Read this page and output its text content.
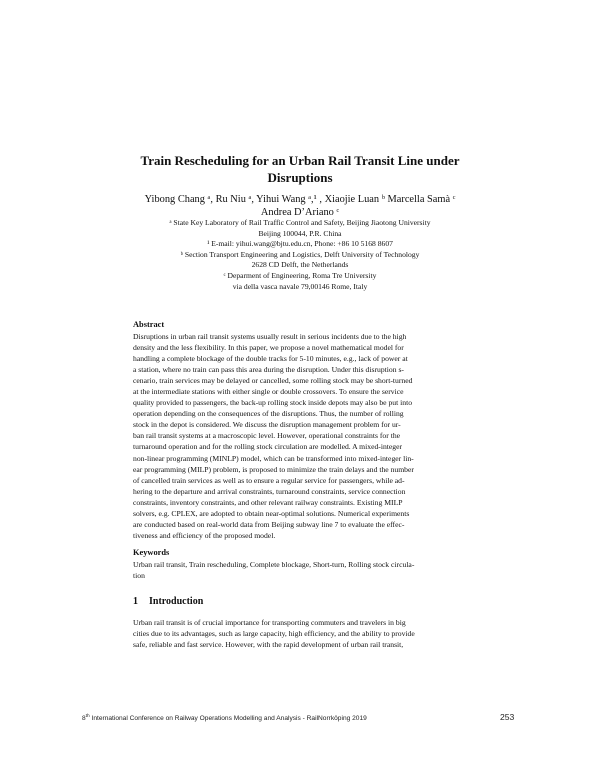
Train Rescheduling for an Urban Rail Transit Line under
Disruptions
Yibong Chang ᵃ, Ru Niu ᵃ, Yihui Wang ᵃ,¹ , Xiaojie Luan ᵇ Marcella Samà ᶜ
Andrea D’Ariano ᶜ
ᵃ State Key Laboratory of Rail Traffic Control and Safety, Beijing Jiaotong University
Beijing 100044, P.R. China
¹ E-mail: yihui.wang@bjtu.edu.cn, Phone: +86 10 5168 8607
ᵇ Section Transport Engineering and Logistics, Delft University of Technology
2628 CD Delft, the Netherlands
ᶜ Deparment of Engineering, Roma Tre University
via della vasca navale 79,00146 Rome, Italy
Abstract
Disruptions in urban rail transit systems usually result in serious incidents due to the high
density and the less flexibility. In this paper, we propose a novel mathematical model for
handling a complete blockage of the double tracks for 5-10 minutes, e.g., lack of power at
a station, where no train can pass this area during the disruption. Under this disruption s-
cenario, train services may be delayed or cancelled, some rolling stock may be short-turned
at the intermediate stations with either single or double crossovers. To ensure the service
quality provided to passengers, the back-up rolling stock inside depots may also be put into
operation depending on the consequences of the disruptions. Thus, the number of rolling
stock in the depot is considered. We discuss the disruption management problem for ur-
ban rail transit systems at a macroscopic level. However, operational constraints for the
turnaround operation and for the rolling stock circulation are modelled. A mixed-integer
non-linear programming (MINLP) model, which can be transformed into mixed-integer lin-
ear programming (MILP) problem, is proposed to minimize the train delays and the number
of cancelled train services as well as to ensure a regular service for passengers, while ad-
hering to the departure and arrival constraints, turnaround constraints, service connection
constraints, inventory constraints, and other relevant railway constraints. Existing MILP
solvers, e.g. CPLEX, are adopted to obtain near-optimal solutions. Numerical experiments
are conducted based on real-world data from Beijing subway line 7 to evaluate the effec-
tiveness and efficiency of the proposed model.
Keywords
Urban rail transit, Train rescheduling, Complete blockage, Short-turn, Rolling stock circula-
tion
1 Introduction
Urban rail transit is of crucial importance for transporting commuters and travelers in big
cities due to its advantages, such as large capacity, high efficiency, and the ability to provide
safe, reliable and fast service. However, with the rapid development of urban rail transit,
8th International Conference on Railway Operations Modelling and Analysis - RailNorrköping 2019	253
